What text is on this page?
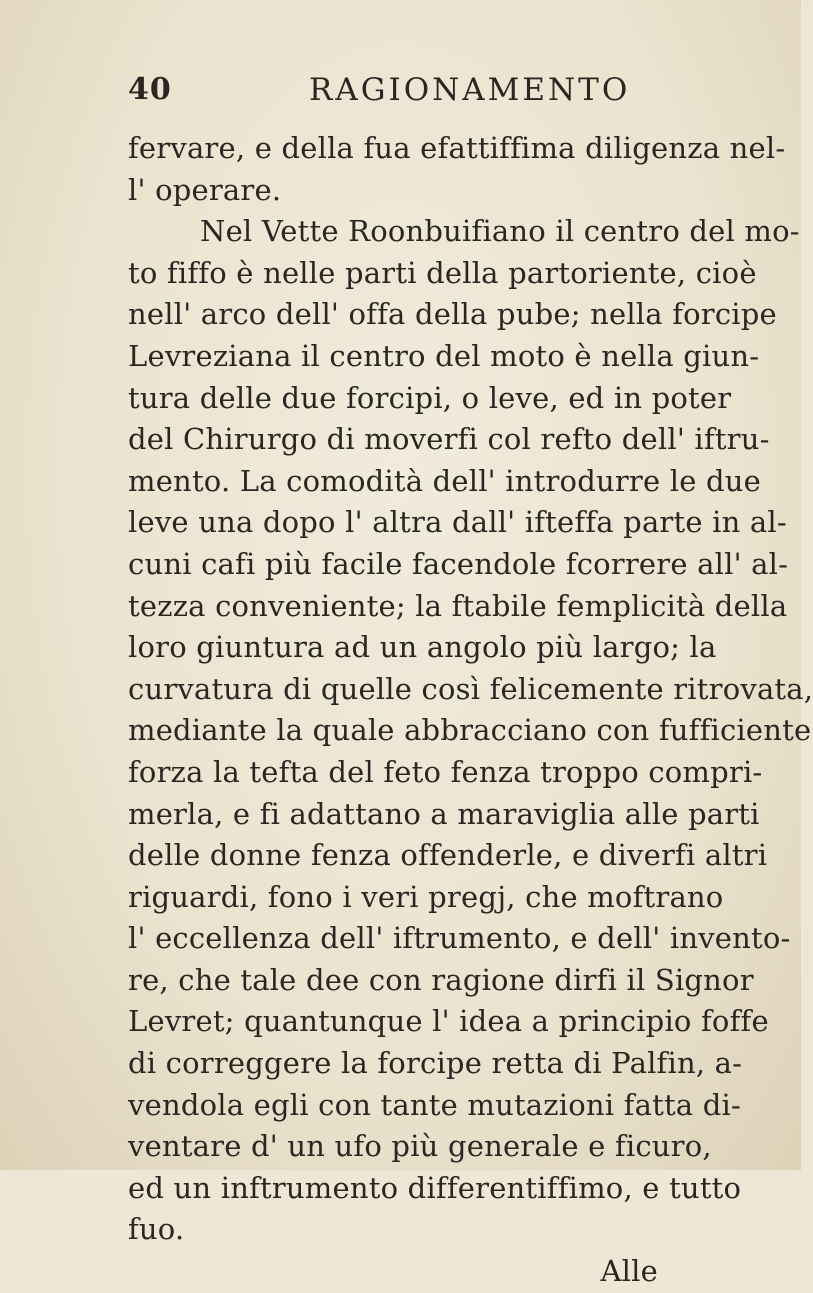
40	RAGIONAMENTO
fervare, e della fua efattiffima diligenza nel-
l' operare.
Nel Vette Roonbuifiano il centro del mo-
to fiffo è nelle parti della partoriente, cioè
nell' arco dell' offa della pube; nella forcipe
Levreziana il centro del moto è nella giun-
tura delle due forcipi, o leve, ed in poter
del Chirurgo di moverfi col refto dell' iftru-
mento. La comodità dell' introdurre le due
leve una dopo l' altra dall' ifteffa parte in al-
cuni cafi più facile facendole fcorrere all' al-
tezza conveniente; la ftabile femplicità della
loro giuntura ad un angolo più largo; la
curvatura di quelle così felicemente ritrovata,
mediante la quale abbracciano con fufficiente
forza la tefta del feto fenza troppo compri-
merla, e fi adattano a maraviglia alle parti
delle donne fenza offenderle, e diverfi altri
riguardi, fono i veri pregj, che moftrano
l' eccellenza dell' iftrumento, e dell' invento-
re, che tale dee con ragione dirfi il Signor
Levret; quantunque l' idea a principio foffe
di correggere la forcipe retta di Palfin, a-
vendola egli con tante mutazioni fatta di-
ventare d' un ufo più generale e ficuro,
ed un inftrumento differentiffimo, e tutto
fuo.
Alle
